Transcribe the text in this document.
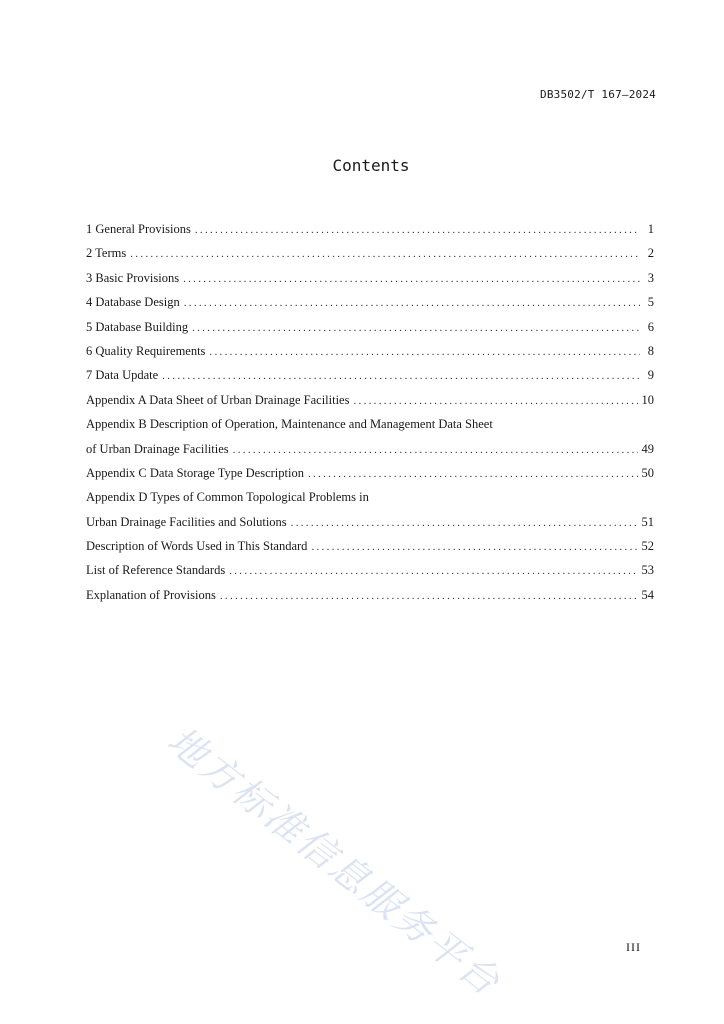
DB3502/T 167—2024
Contents
1 General Provisions .....	1
2 Terms .....	2
3 Basic Provisions .....	3
4 Database Design .....	5
5 Database Building .....	6
6 Quality Requirements .....	8
7 Data Update .....	9
Appendix A Data Sheet of Urban Drainage Facilities .....	10
Appendix B Description of Operation, Maintenance and Management Data Sheet
of Urban Drainage Facilities .....	49
Appendix C Data Storage Type Description .....	50
Appendix D Types of Common Topological Problems in
Urban Drainage Facilities and Solutions .....	51
Description of Words Used in This Standard .....	52
List of Reference Standards .....	53
Explanation of Provisions .....	54
地方标准信息服务平台	III
